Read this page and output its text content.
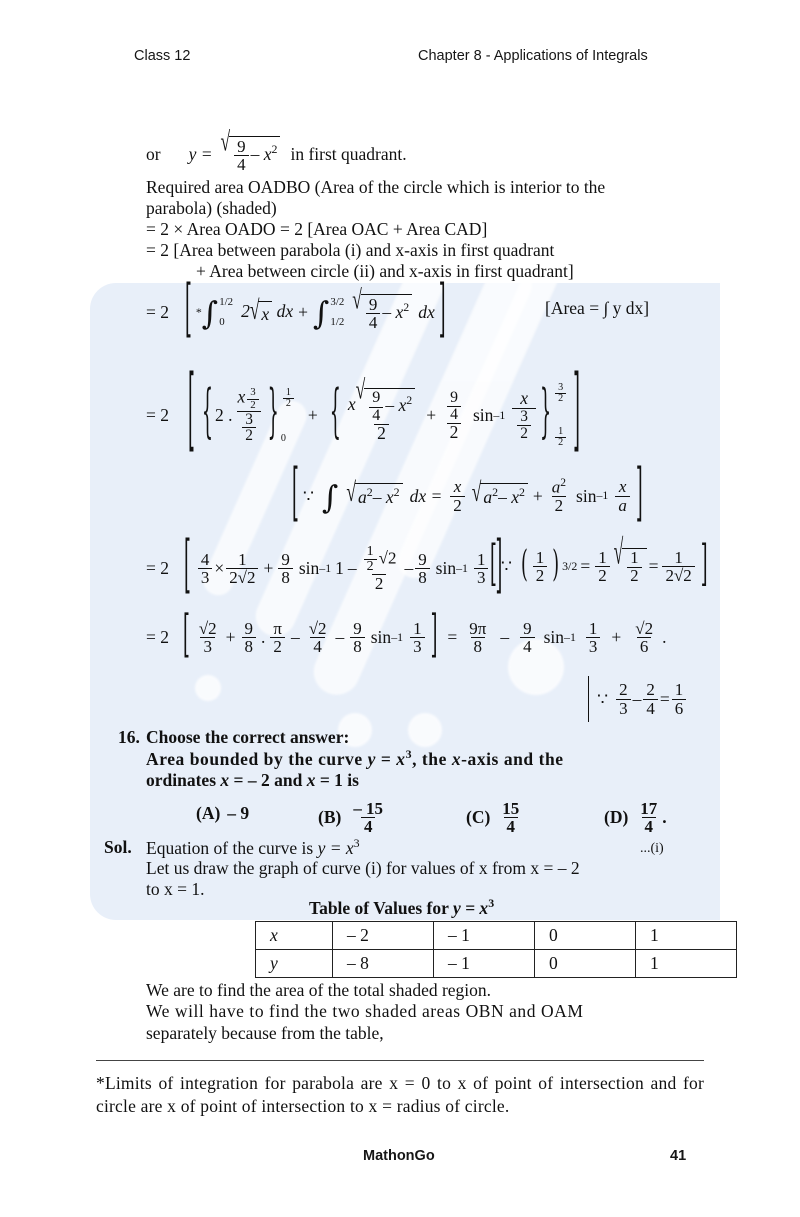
Class 12	Chapter 8 - Applications of Integrals
or y = √ $\frac{9}{4} - x^2$ in first quadrant.
Required area OADBO (Area of the circle which is interior to the
parabola) (shaded)
= 2 × Area OADO = 2 [Area OAC + Area CAD]
= 2 [Area between parabola (i) and x-axis in first quadrant
+ Area between circle (ii) and x-axis in first quadrant]
= 2 [ * ∫ 1/2
0
2 √ x dx + ∫ 3/2
1/2
√ $\frac{9}{4} - x^2$ dx ]	[Area = ∫ y dx]
= 2 [ { 2 . $\frac{x \frac{3}{2}}{\frac{3}{2}}$ } $\frac{1}{2}$
0
+ { x √
$\frac{9}{4} - x^2$
$2 + \frac{\frac{9}{4}}{2}$ $\sin -1 \frac{x}{\frac{3}{2}}$ } $\frac{3}{2}$
$\frac{1}{2}$ ]
[ ∵ ∫ √ $a^2-$ $x^2$ dx = $\frac{x}{2}$ √ $a^2-$ $x^2 + \frac{a^2}{2}$ $\sin -1 \frac{x}{a}$ ]
= 2 [ $\frac{4}{3} \times \frac{1}{2√2} + \frac{9}{8}$ sin –1 $1 - \frac{\frac{1}{2} √2}{2} - \frac{9}{8}$ $\sin -1 \frac{1}{3}$ ]
[ ∵ ( $\frac{1}{2}$ ) $3/2 = \frac{1}{2}$ √ $\frac{1}{2} = \frac{1}{2√2}$ ]
= 2 [ $\frac{√2}{3} + \frac{9}{8}$ . $\frac{\pi}{2} - \frac{√2}{4} - \frac{9}{8}$ $\sin -1 \frac{1}{3}$ ] = $\frac{9\pi}{8} - \frac{9}{4}$ $\sin -1 \frac{1}{3} + \frac{√2}{6}$ .
∵ $\frac{2}{3} - \frac{2}{4} = \frac{1}{6}$
16. Choose the correct answer:
Area bounded by the curve $y = x^3$, the x-axis and the
ordinates x = – 2 and x = 1 is
(A) – 9	$(B) \frac{- 15}{4}$	$(C) \frac{15}{4}$	$(D) \frac{17}{4}$ .
Sol. Equation of the curve is $y = x^3$	...(i)
Let us draw the graph of curve (i) for values of x from x = – 2
to x = 1.
Table of Values for $y = x^3$
x	– 2	– 1	0	1
y	– 8	– 1	0	1
We are to find the area of the total shaded region.
We will have to find the two shaded areas OBN and OAM
separately because from the table,
*Limits of integration for parabola are x = 0 to x of point of intersection and for circle are x of point of intersection to x = radius of circle.
MathonGo	41
